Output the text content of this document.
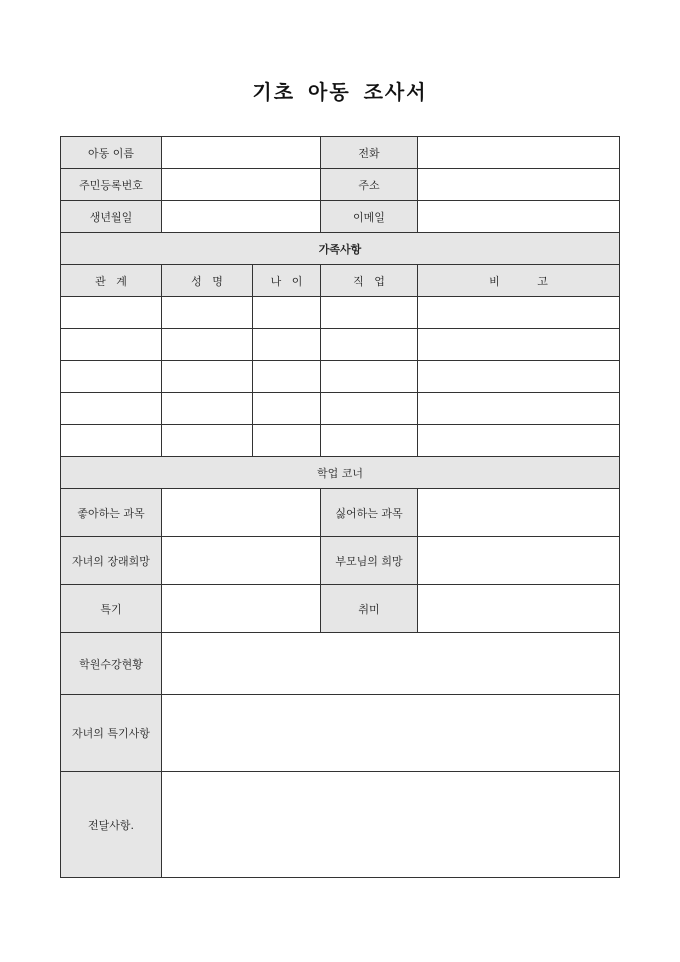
기초 아동 조사서
아동 이름			전화	
주민등록번호			주소	
생년월일			이메일	
가족사항				
관 계	성 명	나 이	직 업	비 고

학업 코너				
좋아하는 과목			싫어하는 과목	
자녀의 장래희망			부모님의 희망	
특기			취미	
학원수강현황				
자녀의 특기사항				
전달사항.				
